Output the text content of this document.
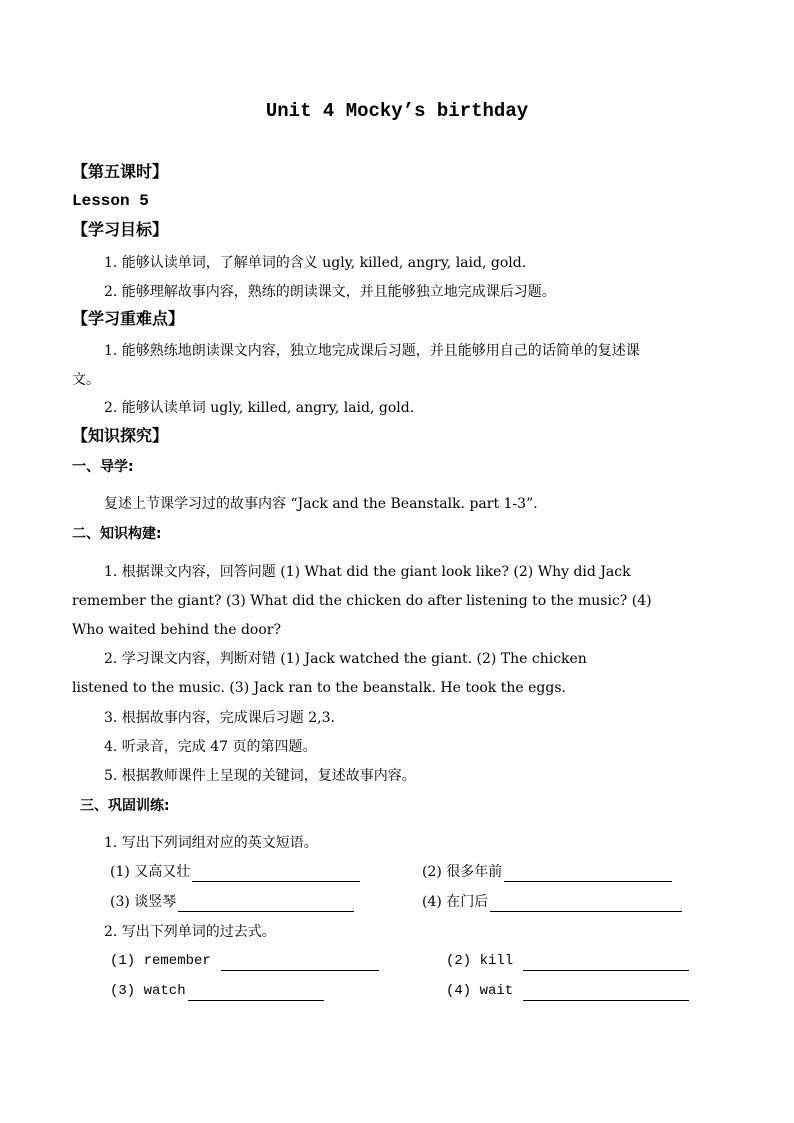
Unit 4 Mocky’s birthday
【第五课时】
Lesson 5
【学习目标】
1. 能够认读单词，了解单词的含义 ugly, killed, angry, laid, gold.
2. 能够理解故事内容，熟练的朗读课文，并且能够独立地完成课后习题。
【学习重难点】
1. 能够熟练地朗读课文内容，独立地完成课后习题，并且能够用自己的话简单的复述课
文。
2. 能够认读单词 ugly, killed, angry, laid, gold.
【知识探究】
一、导学:
复述上节课学习过的故事内容 “Jack and the Beanstalk. part 1-3”.
二、知识构建:
1. 根据课文内容，回答问题 (1) What did the giant look like? (2) Why did Jack
remember the giant? (3) What did the chicken do after listening to the music? (4)
Who waited behind the door?
2. 学习课文内容，判断对错 (1) Jack watched the giant. (2) The chicken
listened to the music. (3) Jack ran to the beanstalk. He took the eggs.
3. 根据故事内容，完成课后习题 2,3.
4. 听录音，完成 47 页的第四题。
5. 根据教师课件上呈现的关键词，复述故事内容。
三、巩固训练:
1. 写出下列词组对应的英文短语。
(1) 又高又壮	(2) 很多年前
(3) 谈竖琴	(4) 在门后
2. 写出下列单词的过去式。
(1) remember	(2) kill
(3) watch	(4) wait
